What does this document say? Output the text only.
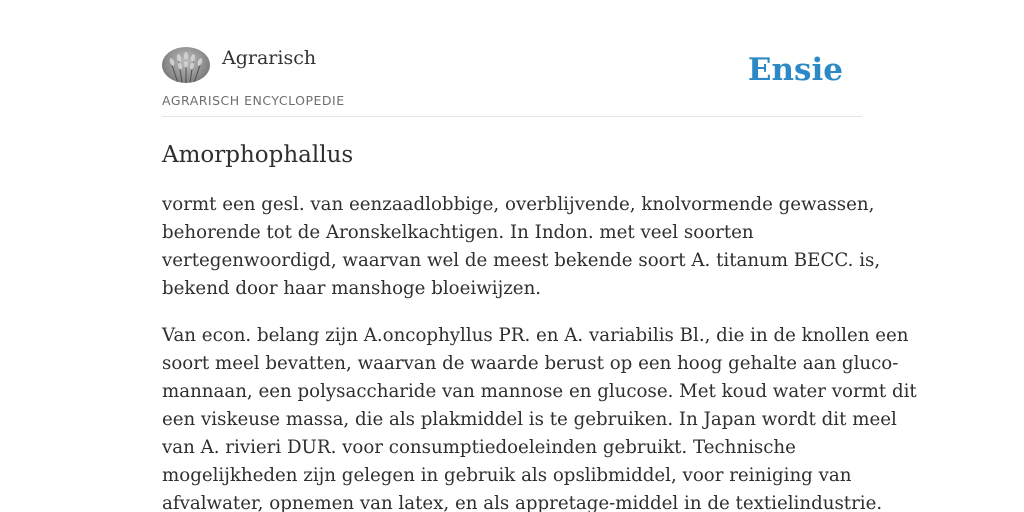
Agrarisch
AGRARISCH ENCYCLOPEDIE
Ensie
Amorphophallus

vormt een gesl. van eenzaadlobbige, overblijvende, knolvormende gewassen,
behorende tot de Aronskelkachtigen. In Indon. met veel soorten
vertegenwoordigd, waarvan wel de meest bekende soort A. titanum BECC. is,
bekend door haar manshoge bloeiwijzen.

Van econ. belang zijn A.oncophyllus PR. en A. variabilis Bl., die in de knollen een
soort meel bevatten, waarvan de waarde berust op een hoog gehalte aan gluco-
mannaan, een polysaccharide van mannose en glucose. Met koud water vormt dit
een viskeuse massa, die als plakmiddel is te gebruiken. In Japan wordt dit meel
van A. rivieri DUR. voor consumptiedoeleinden gebruikt. Technische
mogelijkheden zijn gelegen in gebruik als opslibmiddel, voor reiniging van
afvalwater, opnemen van latex, en als appretage-middel in de textielindustrie.
